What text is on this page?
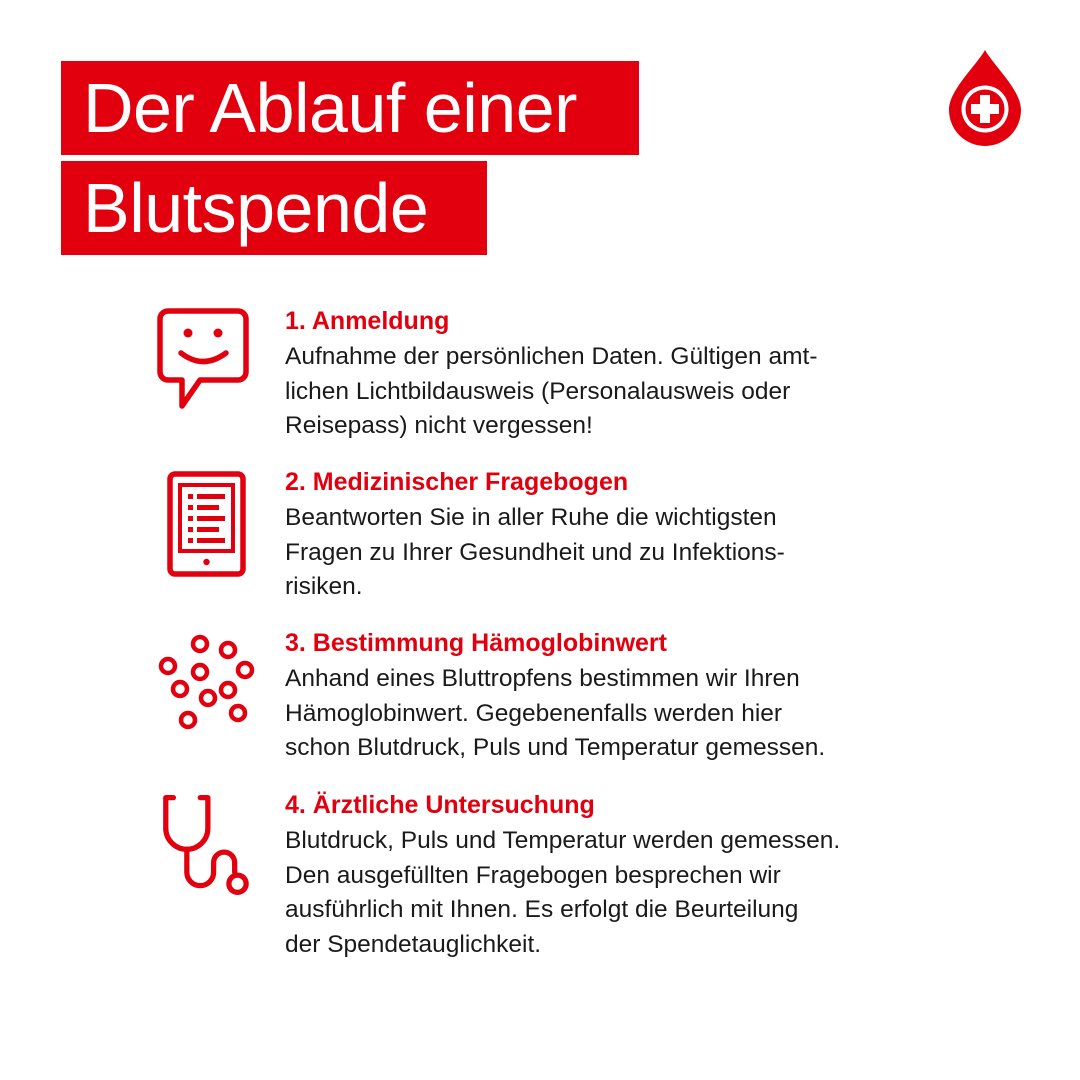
Der Ablauf einer
Blutspende
1. Anmeldung
Aufnahme der persönlichen Daten. Gültigen amt-
lichen Lichtbildausweis (Personalausweis oder
Reisepass) nicht vergessen!
2. Medizinischer Fragebogen
Beantworten Sie in aller Ruhe die wichtigsten
Fragen zu Ihrer Gesundheit und zu Infektions-
risiken.
3. Bestimmung Hämoglobinwert
Anhand eines Bluttropfens bestimmen wir Ihren
Hämoglobinwert. Gegebenenfalls werden hier
schon Blutdruck, Puls und Temperatur gemessen.
4. Ärztliche Untersuchung
Blutdruck, Puls und Temperatur werden gemessen.
Den ausgefüllten Fragebogen besprechen wir
ausführlich mit Ihnen. Es erfolgt die Beurteilung
der Spendetauglichkeit.
